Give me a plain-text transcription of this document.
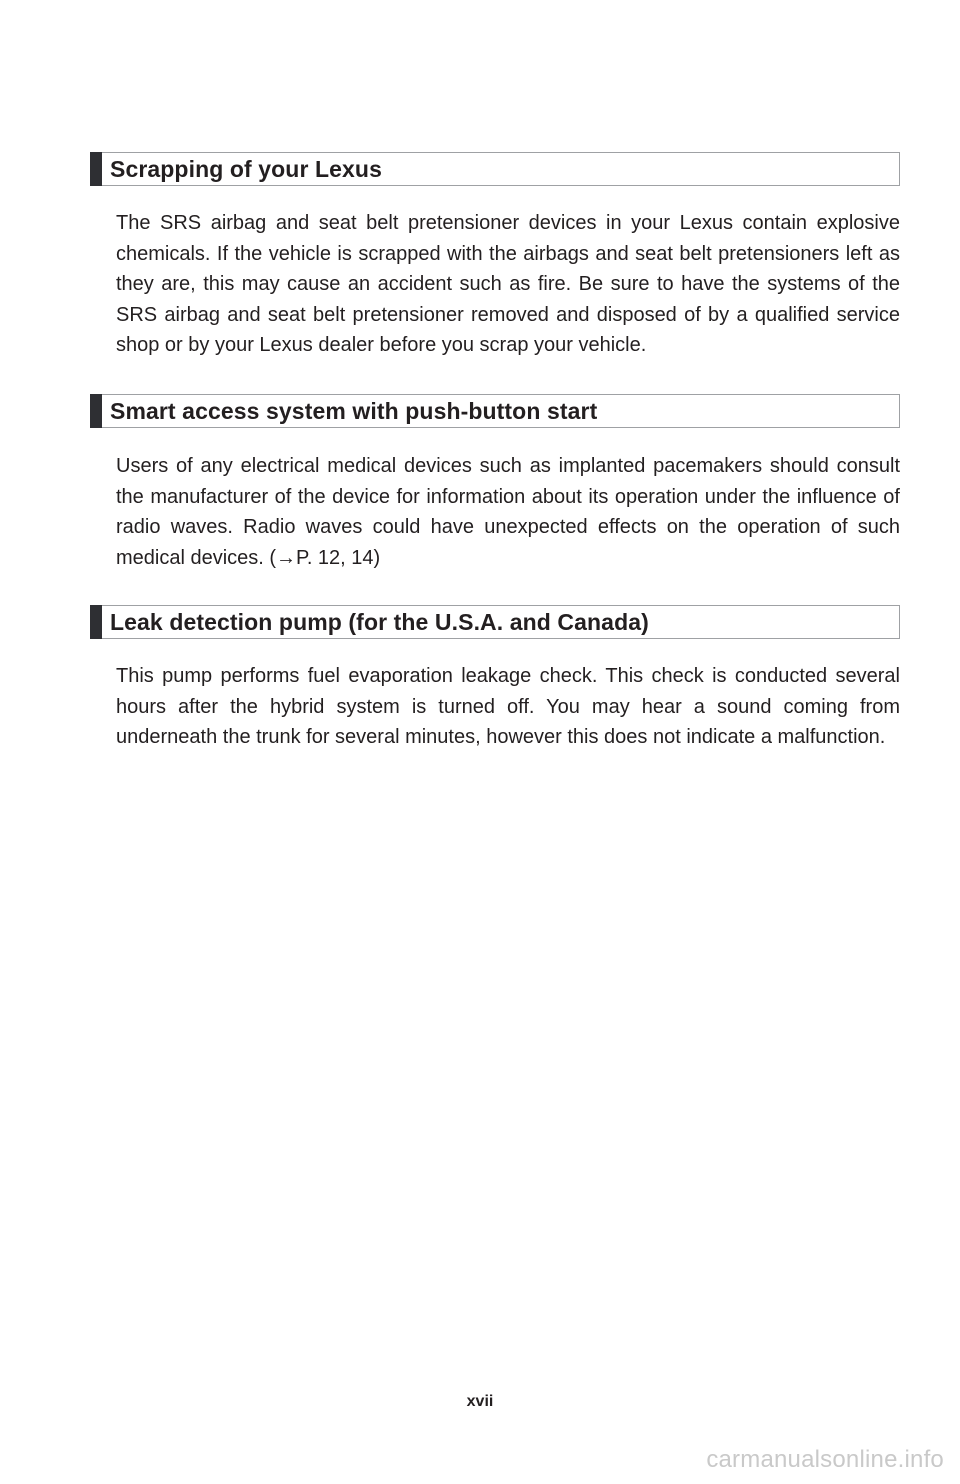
Scrapping of your Lexus

The SRS airbag and seat belt pretensioner devices in your Lexus contain explosive chemicals. If the vehicle is scrapped with the airbags and seat belt pretensioners left as they are, this may cause an accident such as fire. Be sure to have the systems of the SRS airbag and seat belt pretensioner removed and disposed of by a qualified service shop or by your Lexus dealer before you scrap your vehicle.

Smart access system with push-button start

Users of any electrical medical devices such as implanted pacemakers should consult the manufacturer of the device for information about its operation under the influence of radio waves. Radio waves could have unexpected effects on the operation of such medical devices. (→P. 12, 14)

Leak detection pump (for the U.S.A. and Canada)

This pump performs fuel evaporation leakage check. This check is conducted several hours after the hybrid system is turned off. You may hear a sound coming from underneath the trunk for several minutes, however this does not indicate a malfunction.

xvii
carmanualsonline.info
